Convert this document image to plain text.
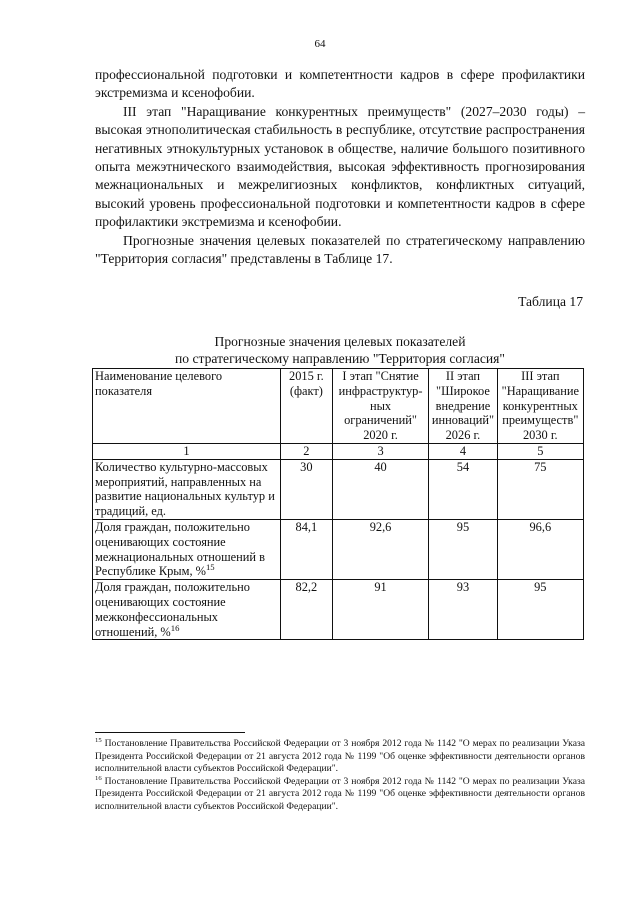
64

профессиональной подготовки и компетентности кадров в сфере профилактики экстремизма и ксенофобии.

III этап "Наращивание конкурентных преимуществ" (2027–2030 годы) – высокая этнополитическая стабильность в республике, отсутствие распространения негативных этнокультурных установок в обществе, наличие большого позитивного опыта межэтнического взаимодействия, высокая эффективность прогнозирования межнациональных и межрелигиозных конфликтов, конфликтных ситуаций, высокий уровень профессиональной подготовки и компетентности кадров в сфере профилактики экстремизма и ксенофобии.

Прогнозные значения целевых показателей по стратегическому направлению "Территория согласия" представлены в Таблице 17.

Таблица 17
Прогнозные значения целевых показателей
по стратегическому направлению "Территория согласия"
Наименование целевого показателя	2015 г. (факт)	I этап "Снятие инфраструктур-ных ограничений" 2020 г.	II этап "Широкое внедрение инноваций" 2026 г.	III этап "Наращивание конкурентных преимуществ" 2030 г.
1	2	3	4	5
Количество культурно-массовых мероприятий, направленных на развитие национальных культур и традиций, ед.	30	40	54	75
Доля граждан, положительно оценивающих состояние межнациональных отношений в Республике Крым, %$^{15}$	84,1	92,6	95	96,6
Доля граждан, положительно оценивающих состояние межконфессиональных отношений, %$^{16}$	82,2	91	93	95

$^{15}$ Постановление Правительства Российской Федерации от 3 ноября 2012 года № 1142 "О мерах по реализации Указа Президента Российской Федерации от 21 августа 2012 года № 1199 "Об оценке эффективности деятельности органов исполнительной власти субъектов Российской Федерации".

$^{16}$ Постановление Правительства Российской Федерации от 3 ноября 2012 года № 1142 "О мерах по реализации Указа Президента Российской Федерации от 21 августа 2012 года № 1199 "Об оценке эффективности деятельности органов исполнительной власти субъектов Российской Федерации".
